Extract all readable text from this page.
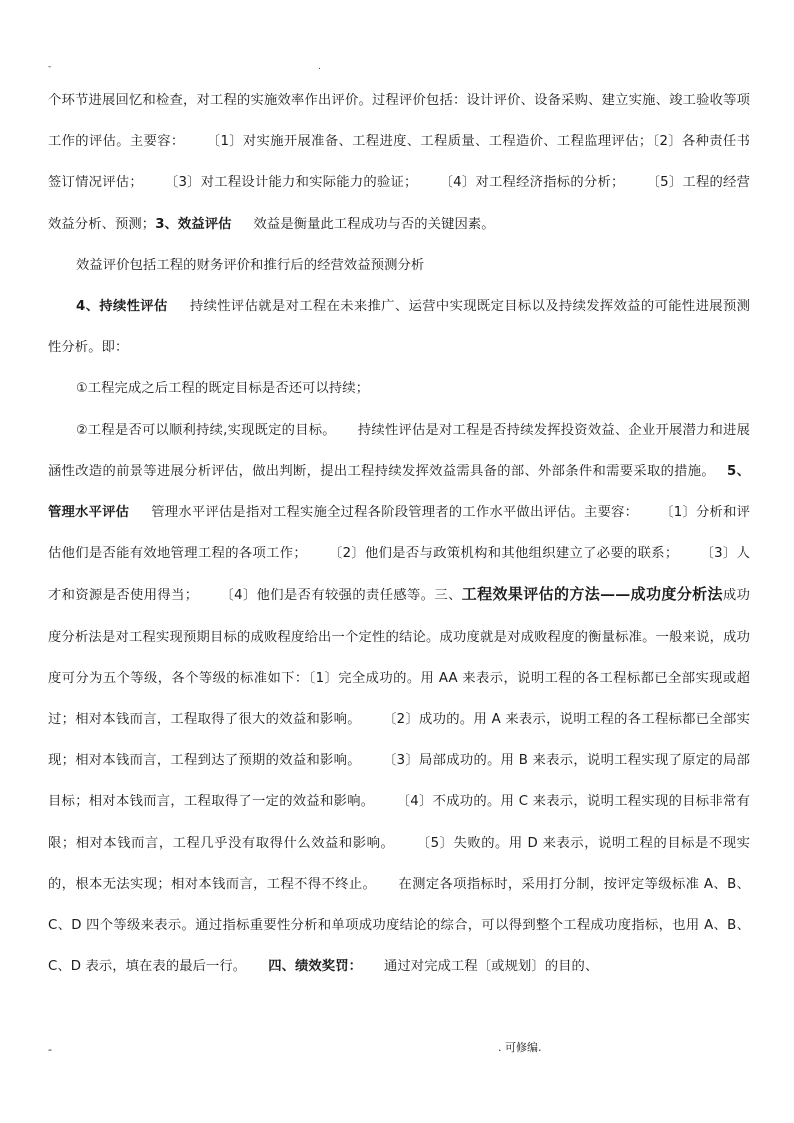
-	.

个环节进展回忆和检查，对工程的实施效率作出评价。过程评价包括：设计评价、设备采购、建立实施、竣工验收等项工作的评估。主要容： 〔1〕对实施开展准备、工程进度、工程质量、工程造价、工程监理评估；〔2〕各种责任书签订情况评估； 〔3〕对工程设计能力和实际能力的验证； 〔4〕对工程经济指标的分析； 〔5〕工程的经营效益分析、预测；3、效益评估 效益是衡量此工程成功与否的关键因素。

效益评价包括工程的财务评价和推行后的经营效益预测分析

4、持续性评估 持续性评估就是对工程在未来推广、运营中实现既定目标以及持续发挥效益的可能性进展预测性分析。即：

①工程完成之后工程的既定目标是否还可以持续；

②工程是否可以顺利持续,实现既定的目标。 持续性评估是对工程是否持续发挥投资效益、企业开展潜力和进展涵性改造的前景等进展分析评估，做出判断，提出工程持续发挥效益需具备的部、外部条件和需要采取的措施。 5、管理水平评估 管理水平评估是指对工程实施全过程各阶段管理者的工作水平做出评估。主要容： 〔1〕分析和评估他们是否能有效地管理工程的各项工作； 〔2〕他们是否与政策机构和其他组织建立了必要的联系； 〔3〕人才和资源是否使用得当； 〔4〕他们是否有较强的责任感等。三、工程效果评估的方法——成功度分析法成功度分析法是对工程实现预期目标的成败程度给出一个定性的结论。成功度就是对成败程度的衡量标准。一般来说，成功度可分为五个等级，各个等级的标准如下：〔1〕完全成功的。用 AA 来表示，说明工程的各工程标都已全部实现或超过；相对本钱而言，工程取得了很大的效益和影响。 〔2〕成功的。用 A 来表示，说明工程的各工程标都已全部实现；相对本钱而言，工程到达了预期的效益和影响。 〔3〕局部成功的。用 B 来表示，说明工程实现了原定的局部目标；相对本钱而言，工程取得了一定的效益和影响。 〔4〕不成功的。用 C 来表示，说明工程实现的目标非常有限；相对本钱而言，工程几乎没有取得什么效益和影响。 〔5〕失败的。用 D 来表示，说明工程的目标是不现实的，根本无法实现；相对本钱而言，工程不得不终止。 在测定各项指标时，采用打分制，按评定等级标准 A、B、C、D 四个等级来表示。通过指标重要性分析和单项成功度结论的综合，可以得到整个工程成功度指标，也用 A、B、C、D 表示，填在表的最后一行。 四、绩效奖罚： 通过对完成工程〔或规划〕的目的、

-	. 可修编.
